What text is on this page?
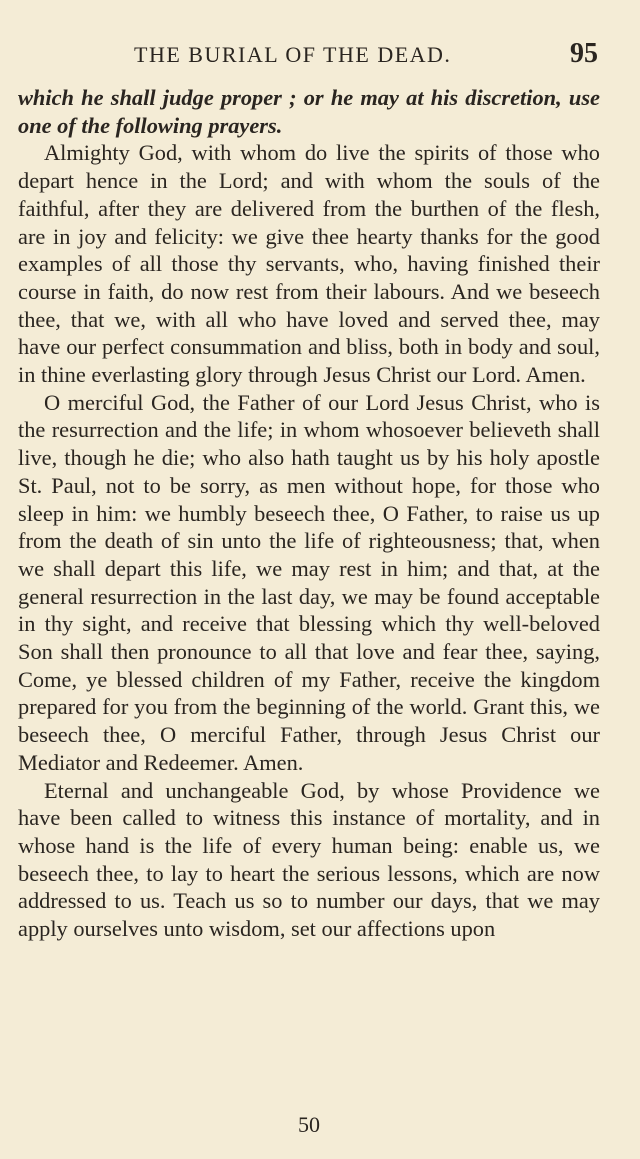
THE BURIAL OF THE DEAD.	95

which he shall judge proper ; or he may at his discretion, use one of the following prayers.

Almighty God, with whom do live the spirits of those who depart hence in the Lord; and with whom the souls of the faithful, after they are delivered from the burthen of the flesh, are in joy and felicity: we give thee hearty thanks for the good examples of all those thy servants, who, having finished their course in faith, do now rest from their labours. And we beseech thee, that we, with all who have loved and served thee, may have our perfect consummation and bliss, both in body and soul, in thine everlasting glory through Jesus Christ our Lord. Amen.

O merciful God, the Father of our Lord Jesus Christ, who is the resurrection and the life; in whom whosoever believeth shall live, though he die; who also hath taught us by his holy apostle St. Paul, not to be sorry, as men without hope, for those who sleep in him: we humbly beseech thee, O Father, to raise us up from the death of sin unto the life of righteousness; that, when we shall depart this life, we may rest in him; and that, at the general resurrection in the last day, we may be found acceptable in thy sight, and receive that blessing which thy well-beloved Son shall then pronounce to all that love and fear thee, saying, Come, ye blessed children of my Father, receive the kingdom prepared for you from the beginning of the world. Grant this, we beseech thee, O merciful Father, through Jesus Christ our Mediator and Redeemer. Amen.

Eternal and unchangeable God, by whose Providence we have been called to witness this instance of mortality, and in whose hand is the life of every human being: enable us, we beseech thee, to lay to heart the serious lessons, which are now addressed to us. Teach us so to number our days, that we may apply ourselves unto wisdom, set our affections upon

50
